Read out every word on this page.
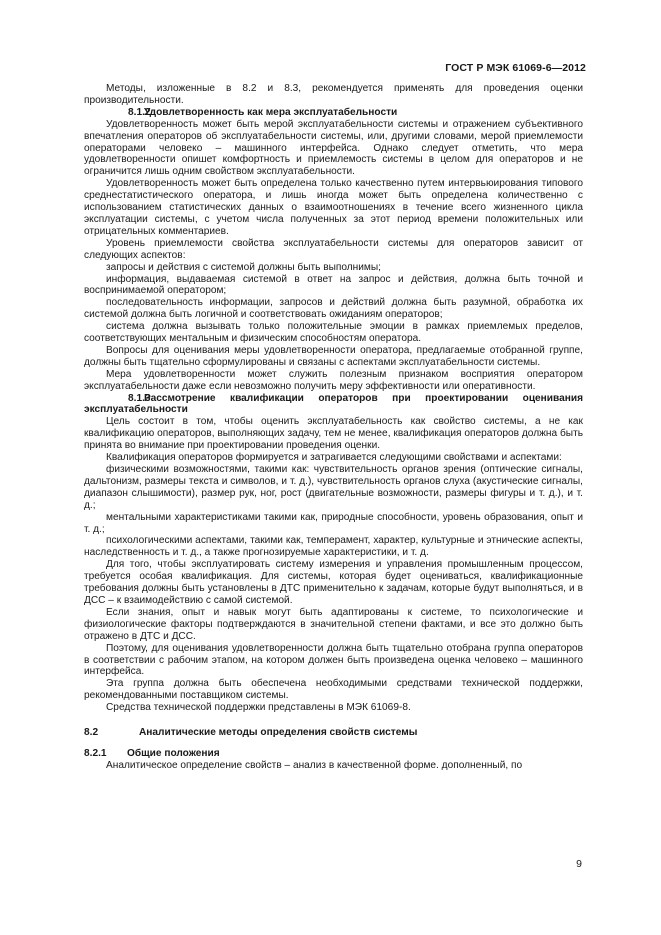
ГОСТ Р МЭК 61069-6—2012

Методы, изложенные в 8.2 и 8.3, рекомендуется применять для проведения оценки производительности.

8.1.2Удовлетворенность как мера эксплуатабельности

Удовлетворенность может быть мерой эксплуатабельности системы и отражением субъективного впечатления операторов об эксплуатабельности системы, или, другими словами, мерой приемлемости операторами человеко – машинного интерфейса. Однако следует отметить, что мера удовлетворенности опишет комфортность и приемлемость системы в целом для операторов и не ограничится лишь одним свойством эксплуатабельности.

Удовлетворенность может быть определена только качественно путем интервьюирования типового среднестатистического оператора, и лишь иногда может быть определена количественно с использованием статистических данных о взаимоотношениях в течение всего жизненного цикла эксплуатации системы, с учетом числа полученных за этот период времени положительных или отрицательных комментариев.

Уровень приемлемости свойства эксплуатабельности системы для операторов зависит от следующих аспектов:

запросы и действия с системой должны быть выполнимы;

информация, выдаваемая системой в ответ на запрос и действия, должна быть точной и воспринимаемой оператором;

последовательность информации, запросов и действий должна быть разумной, обработка их системой должна быть логичной и соответствовать ожиданиям операторов;

система должна вызывать только положительные эмоции в рамках приемлемых пределов, соответствующих ментальным и физическим способностям оператора.

Вопросы для оценивания меры удовлетворенности оператора, предлагаемые отобранной группе, должны быть тщательно сформулированы и связаны с аспектами эксплуатабельности системы.

Мера удовлетворенности может служить полезным признаком восприятия оператором эксплуатабельности даже если невозможно получить меру эффективности или оперативности.

8.1.3Рассмотрение квалификации операторов при проектировании оценивания эксплуатабельности

Цель состоит в том, чтобы оценить эксплуатабельность как свойство системы, а не как квалификацию операторов, выполняющих задачу, тем не менее, квалификация операторов должна быть принята во внимание при проектировании проведения оценки.

Квалификация операторов формируется и затрагивается следующими свойствами и аспектами:

физическими возможностями, такими как: чувствительность органов зрения (оптические сигналы, дальтонизм, размеры текста и символов, и т. д.), чувствительность органов слуха (акустические сигналы, диапазон слышимости), размер рук, ног, рост (двигательные возможности, размеры фигуры и т. д.), и т. д.;

ментальными характеристиками такими как, природные способности, уровень образования, опыт и т. д.;

психологическими аспектами, такими как, темперамент, характер, культурные и этнические аспекты, наследственность и т. д., а также прогнозируемые характеристики, и т. д.

Для того, чтобы эксплуатировать систему измерения и управления промышленным процессом, требуется особая квалификация. Для системы, которая будет оцениваться, квалификационные требования должны быть установлены в ДТС применительно к задачам, которые будут выполняться, и в ДСС – к взаимодействию с самой системой.

Если знания, опыт и навык могут быть адаптированы к системе, то психологические и физиологические факторы подтверждаются в значительной степени фактами, и все это должно быть отражено в ДТС и ДСС.

Поэтому, для оценивания удовлетворенности должна быть тщательно отобрана группа операторов в соответствии с рабочим этапом, на котором должен быть произведена оценка человеко – машинного интерфейса.

Эта группа должна быть обеспечена необходимыми средствами технической поддержки, рекомендованными поставщиком системы.

Средства технической поддержки представлены в МЭК 61069-8.

8.2	Аналитические методы определения свойств системы

8.2.1 Общие положения

Аналитическое определение свойств – анализ в качественной форме. дополненный, по

9
